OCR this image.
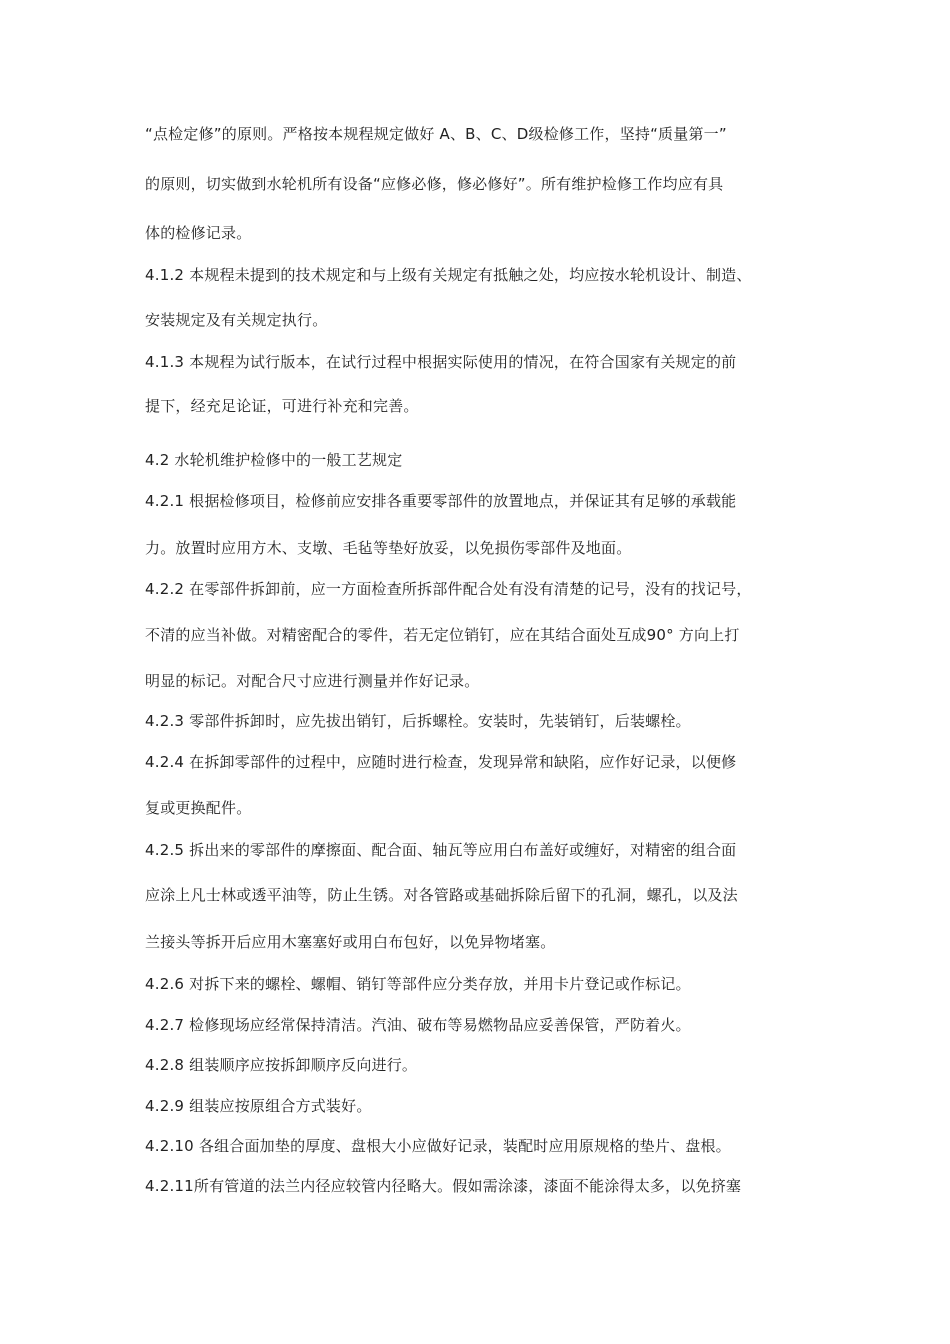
“点检定修”的原则。严格按本规程规定做好 A、B、C、D级检修工作，坚持“质量第一”

的原则，切实做到水轮机所有设备“应修必修，修必修好”。所有维护检修工作均应有具

体的检修记录。

4.1.2 本规程未提到的技术规定和与上级有关规定有抵触之处，均应按水轮机设计、制造、

安装规定及有关规定执行。

4.1.3 本规程为试行版本，在试行过程中根据实际使用的情况，在符合国家有关规定的前

提下，经充足论证，可进行补充和完善。

4.2 水轮机维护检修中的一般工艺规定

4.2.1 根据检修项目，检修前应安排各重要零部件的放置地点，并保证其有足够的承载能

力。放置时应用方木、支墩、毛毡等垫好放妥，以免损伤零部件及地面。

4.2.2 在零部件拆卸前，应一方面检查所拆部件配合处有没有清楚的记号，没有的找记号，

不清的应当补做。对精密配合的零件，若无定位销钉，应在其结合面处互成90° 方向上打

明显的标记。对配合尺寸应进行测量并作好记录。

4.2.3 零部件拆卸时，应先拔出销钉，后拆螺栓。安装时，先装销钉，后装螺栓。

4.2.4 在拆卸零部件的过程中，应随时进行检查，发现异常和缺陷，应作好记录，以便修

复或更换配件。

4.2.5 拆出来的零部件的摩擦面、配合面、轴瓦等应用白布盖好或缠好，对精密的组合面

应涂上凡士林或透平油等，防止生锈。对各管路或基础拆除后留下的孔洞，螺孔，以及法

兰接头等拆开后应用木塞塞好或用白布包好，以免异物堵塞。

4.2.6 对拆下来的螺栓、螺帽、销钉等部件应分类存放，并用卡片登记或作标记。

4.2.7 检修现场应经常保持清洁。汽油、破布等易燃物品应妥善保管，严防着火。

4.2.8 组装顺序应按拆卸顺序反向进行。

4.2.9 组装应按原组合方式装好。

4.2.10 各组合面加垫的厚度、盘根大小应做好记录，装配时应用原规格的垫片、盘根。

4.2.11所有管道的法兰内径应较管内径略大。假如需涂漆，漆面不能涂得太多，以免挤塞
